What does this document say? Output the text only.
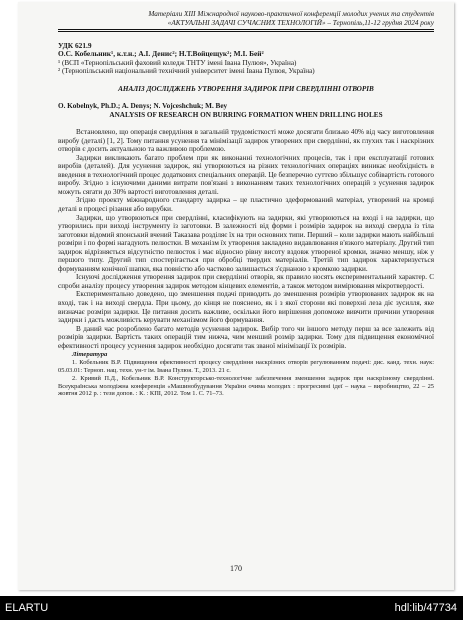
Матеріали XIII Міжнародної науково-практичної конференції молодих учених та студентів
«АКТУАЛЬНІ ЗАДАЧІ СУЧАСНИХ ТЕХНОЛОГІЙ» – Тернопіль,11-12 грудня 2024 року
УДК 621.9
О.С. Кобельник¹, к.т.н.; А.І. Денис²; Н.Т.Войцещук²; М.І. Бей²
¹ (ВСП «Тернопільський фаховий коледж ТНТУ імені Івана Пулюя», Україна)
² (Тернопільський національний технічний університет імені Івана Пулюя, Україна)
АНАЛІЗ ДОСЛІДЖЕНЬ УТВОРЕННЯ ЗАДИРОК ПРИ СВЕРДЛІННІ ОТВОРІВ
O. Kobelnyk, Ph.D.; A. Denys; N. Vojceshchuk; M. Bey
ANALYSIS OF RESEARCH ON BURRING FORMATION WHEN DRILLING HOLES

Встановлено, що операція свердління в загальній трудомісткості може досягати близько 40% від часу виготовлення виробу (деталі) [1, 2]. Тому питання усунення та мінімізації задирок утворених при свердлінні, як глухих так і наскрізних отворів є досить актуальною та важливою проблемою.

Задирки викликають багато проблем при як виконанні технологічних процесів, так і при експлуатації готових виробів (деталей). Для усунення задирок, які утворюються на різних технологічних операціях виникає необхідність в введення в технологічний процес додаткових спеціальних операцій. Це безперечно суттєво збільшує собівартість готового виробу. Згідно з існуючими даними витрати пов'язані з виконанням таких технологічних операцій з усунення задирок можуть сягати до 30% вартості виготовлення деталі.

Згідно проекту міжнародного стандарту задирка – це пластично здеформований матеріал, утворений на кромці деталі в процесі різання або вирубки.

Задирки, що утворюються при свердлінні, класифікують на задирки, які утворюються на вході і на задирки, що утворились при виході інструменту із заготовки. В залежності від форми і розмірів задирок на виході свердла із тіла заготовки відомий японський вчений Таказава розділяє їх на три основних типи. Перший – коли задирки мають найбільші розміри і по формі нагадують пелюстки. В механізм їх утворення закладено видавлювання в'язкого матеріалу. Другий тип задирок відрізняється відсутністю пелюсток і має відносно рівну висоту вздовж утвореної кромки, значно меншу, ніж у першого типу. Другий тип спостерігається при обробці твердих матеріалів. Третій тип задирок характеризується формуванням конічної шапки, яка повністю або частково залишається з'єднаною з кромкою задирки.

Існуючі дослідження утворення задирок при свердлінні отворів, як правило носять експериментальний характер. С спроби аналізу процесу утворення задирок методом кінцевих елементів, а також методом вимірювання мікротвердості.

Експериментально доведено, що зменшення подачі приводить до зменшення розмірів утворюваних задирок як на вході, так і на виході свердла. При цьому, до кінця не пояснено, як і з якої сторони які поверхні леза діє зусилля, яке визначає розміри задирки. Це питання досить важливе, оскільки його вирішення допоможе вивчити причини утворення задирки і дасть можливість керувати механізмом його формування.

В даний час розроблено багато методів усунення задирок. Вибір того чи іншого методу перш за все залежить від розмірів задирки. Вартість таких операцій тим нижча, чим менший розмір задирки. Тому для підвищення економічної ефективності процесу усунення задирок необхідно досягати так званої мінімізації їх розмірів.

Література

1. Кобельник В.Р. Підвищення ефективності процесу свердління наскрізних отворів регулюванням подачі: дис. канд. техн. наук: 05.03.01: Терноп. нац. техн. ун-т ім. Івана Пулюя. Т., 2013. 21 с.

2. Кривий П.Д., Кобельник В.Р. Конструкторсько-технологічне забезпечення зменшення задирок при наскрізному свердлінні. Всеукраїнська молодіжна конференція «Машинобудування України очима молодих : прогресивні ідеї – наука – виробництво, 22 – 25 жовтня 2012 р. : тези допов. : К. : КПІ, 2012. Том 1. С. 71–73.

170
ELARTU	hdl:lib/47734
